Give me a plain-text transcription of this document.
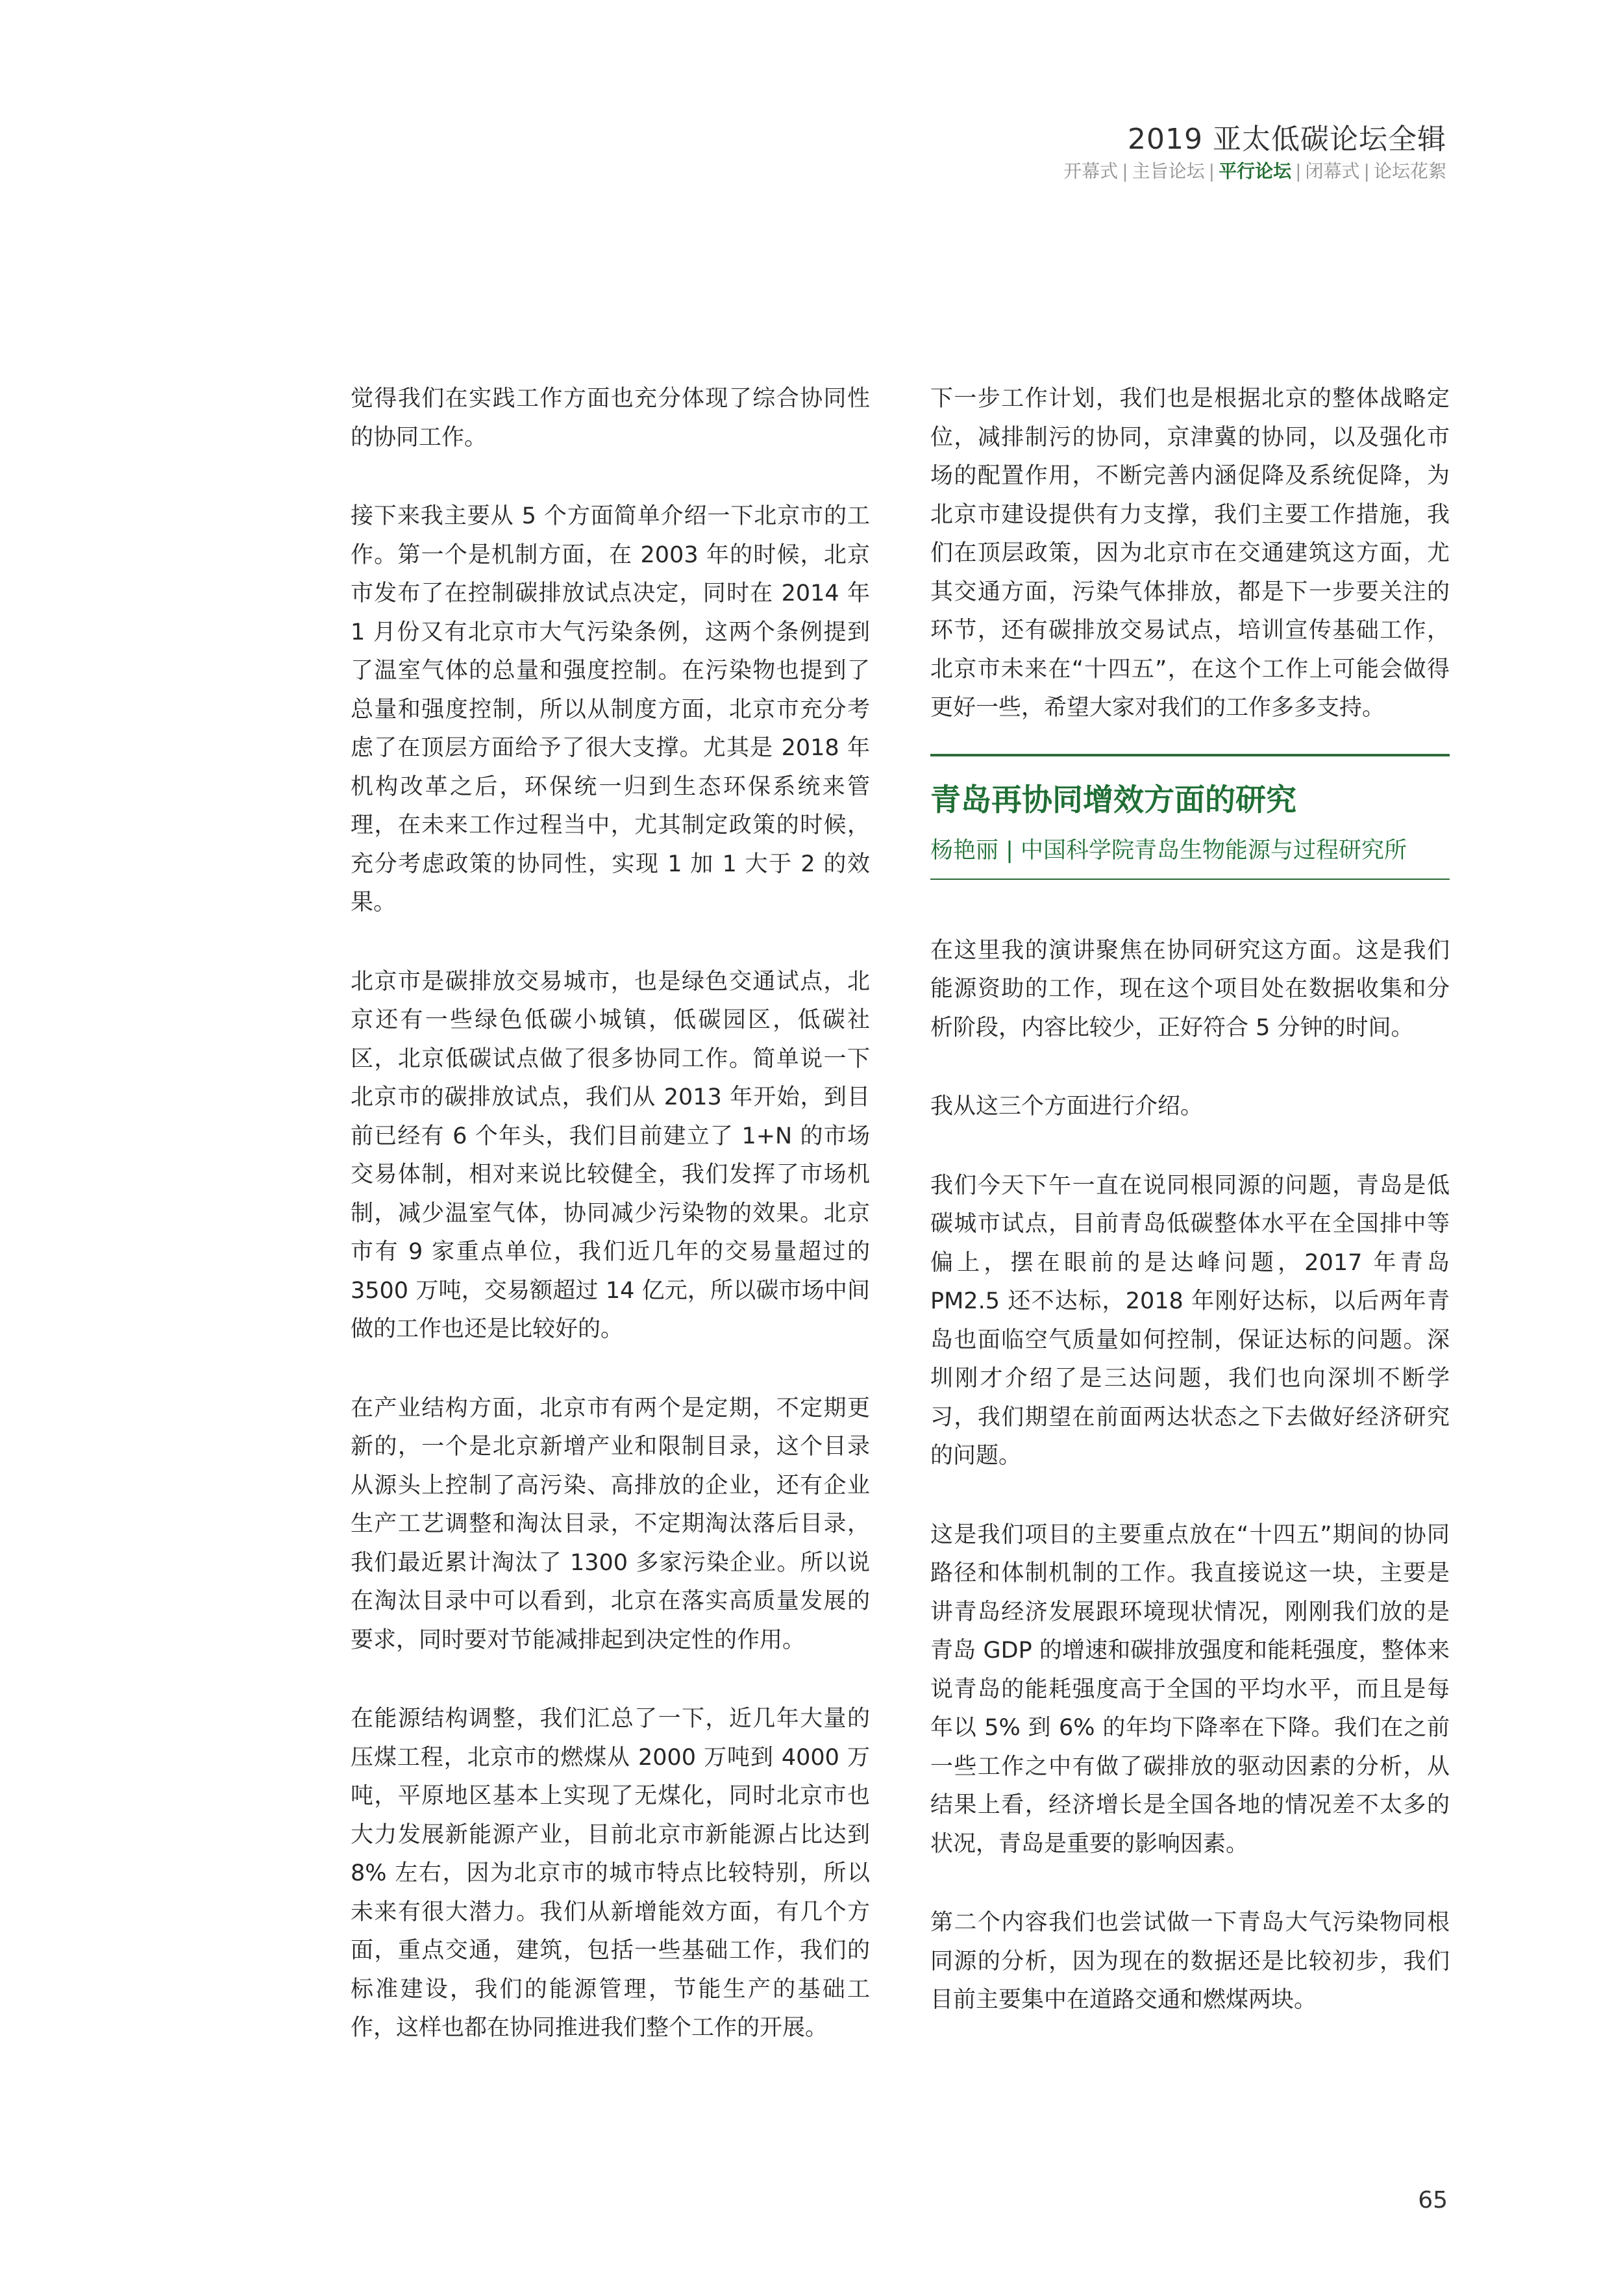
2019 亚太低碳论坛全辑
开幕式 | 主旨论坛 | 平行论坛 | 闭幕式 | 论坛花絮

觉得我们在实践工作方面也充分体现了综合协同性的协同工作。

接下来我主要从 5 个方面简单介绍一下北京市的工作。第一个是机制方面，在 2003 年的时候，北京市发布了在控制碳排放试点决定，同时在 2014 年 1 月份又有北京市大气污染条例，这两个条例提到了温室气体的总量和强度控制。在污染物也提到了总量和强度控制，所以从制度方面，北京市充分考虑了在顶层方面给予了很大支撑。尤其是 2018 年机构改革之后，环保统一归到生态环保系统来管理，在未来工作过程当中，尤其制定政策的时候，充分考虑政策的协同性，实现 1 加 1 大于 2 的效果。

北京市是碳排放交易城市，也是绿色交通试点，北京还有一些绿色低碳小城镇，低碳园区，低碳社区，北京低碳试点做了很多协同工作。简单说一下北京市的碳排放试点，我们从 2013 年开始，到目前已经有 6 个年头，我们目前建立了 1+N 的市场交易体制，相对来说比较健全，我们发挥了市场机制，减少温室气体，协同减少污染物的效果。北京市有 9 家重点单位，我们近几年的交易量超过的 3500 万吨，交易额超过 14 亿元，所以碳市场中间做的工作也还是比较好的。

在产业结构方面，北京市有两个是定期，不定期更新的，一个是北京新增产业和限制目录，这个目录从源头上控制了高污染、高排放的企业，还有企业生产工艺调整和淘汰目录，不定期淘汰落后目录，我们最近累计淘汰了 1300 多家污染企业。所以说在淘汰目录中可以看到，北京在落实高质量发展的要求，同时要对节能减排起到决定性的作用。

在能源结构调整，我们汇总了一下，近几年大量的压煤工程，北京市的燃煤从 2000 万吨到 4000 万吨，平原地区基本上实现了无煤化，同时北京市也大力发展新能源产业，目前北京市新能源占比达到 8% 左右，因为北京市的城市特点比较特别，所以未来有很大潜力。我们从新增能效方面，有几个方面，重点交通，建筑，包括一些基础工作，我们的标准建设，我们的能源管理，节能生产的基础工作，这样也都在协同推进我们整个工作的开展。

下一步工作计划，我们也是根据北京的整体战略定位，减排制污的协同，京津冀的协同，以及强化市场的配置作用，不断完善内涵促降及系统促降，为北京市建设提供有力支撑，我们主要工作措施，我们在顶层政策，因为北京市在交通建筑这方面，尤其交通方面，污染气体排放，都是下一步要关注的环节，还有碳排放交易试点，培训宣传基础工作，北京市未来在“十四五”，在这个工作上可能会做得更好一些，希望大家对我们的工作多多支持。

青岛再协同增效方面的研究
杨艳丽 | 中国科学院青岛生物能源与过程研究所

在这里我的演讲聚焦在协同研究这方面。这是我们能源资助的工作，现在这个项目处在数据收集和分析阶段，内容比较少，正好符合 5 分钟的时间。

我从这三个方面进行介绍。

我们今天下午一直在说同根同源的问题，青岛是低碳城市试点，目前青岛低碳整体水平在全国排中等偏上，摆在眼前的是达峰问题，2017 年青岛 PM2.5 还不达标，2018 年刚好达标，以后两年青岛也面临空气质量如何控制，保证达标的问题。深圳刚才介绍了是三达问题，我们也向深圳不断学习，我们期望在前面两达状态之下去做好经济研究的问题。

这是我们项目的主要重点放在“十四五”期间的协同路径和体制机制的工作。我直接说这一块，主要是讲青岛经济发展跟环境现状情况，刚刚我们放的是青岛 GDP 的增速和碳排放强度和能耗强度，整体来说青岛的能耗强度高于全国的平均水平，而且是每年以 5% 到 6% 的年均下降率在下降。我们在之前一些工作之中有做了碳排放的驱动因素的分析，从结果上看，经济增长是全国各地的情况差不太多的状况，青岛是重要的影响因素。

第二个内容我们也尝试做一下青岛大气污染物同根同源的分析，因为现在的数据还是比较初步，我们目前主要集中在道路交通和燃煤两块。

65
